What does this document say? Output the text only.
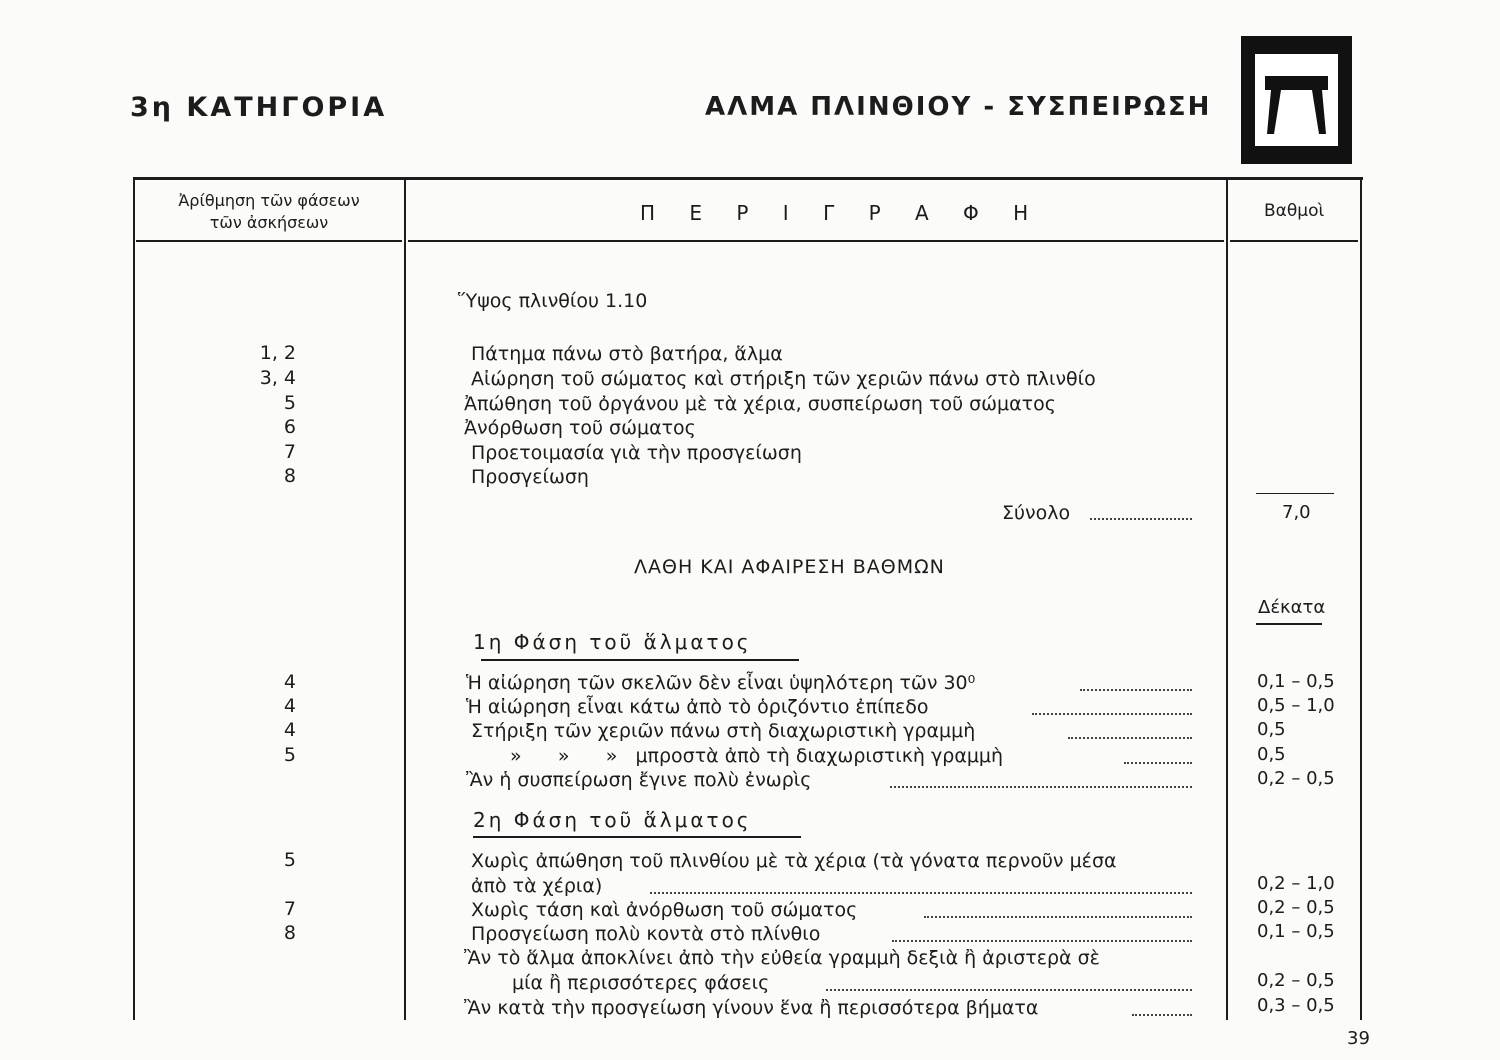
3η ΚΑΤΗΓΟΡΙΑ	ΑΛΜΑ ΠΛΙΝΘΙΟΥ - ΣΥΣΠΕΙΡΩΣΗ
Ἀρίθμηση τῶν φάσεων
τῶν ἀσκήσεων	Π Ε Ρ Ι Γ Ρ Α Φ Η	Βαθμοὶ
Ὕψος πλινθίου 1.10
1, 2	Πάτημα πάνω στὸ βατήρα, ἅλμα
3, 4	Αἰώρηση τοῦ σώματος καὶ στήριξη τῶν χεριῶν πάνω στὸ πλινθίο
5	Ἀπώθηση τοῦ ὀργάνου μὲ τὰ χέρια, συσπείρωση τοῦ σώματος
6	Ἀνόρθωση τοῦ σώματος
7	Προετοιμασία γιὰ τὴν προσγείωση
8	Προσγείωση
Σύνολο	7,0
ΛΑΘΗ ΚΑΙ ΑΦΑΙΡΕΣΗ ΒΑΘΜΩΝ
Δέκατα
1η Φάση τοῦ ἅλματος
4	Ἡ αἰώρηση τῶν σκελῶν δὲν εἶναι ὑψηλότερη τῶν 30⁰	0,1 – 0,5
4	Ἡ αἰώρηση εἶναι κάτω ἀπὸ τὸ ὁριζόντιο ἐπίπεδο	0,5 – 1,0
4	Στήριξη τῶν χεριῶν πάνω στὴ διαχωριστικὴ γραμμὴ	0,5
5	»      »      »   μπροστὰ ἀπὸ τὴ διαχωριστικὴ γραμμὴ	0,5
Ἂν ἡ συσπείρωση ἔγινε πολὺ ἐνωρὶς	0,2 – 0,5
2η Φάση τοῦ ἅλματος
5	Χωρὶς ἀπώθηση τοῦ πλινθίου μὲ τὰ χέρια (τὰ γόνατα περνοῦν μέσα
ἀπὸ τὰ χέρια)	0,2 – 1,0
7	Χωρὶς τάση καὶ ἀνόρθωση τοῦ σώματος	0,2 – 0,5
8	Προσγείωση πολὺ κοντὰ στὸ πλίνθιο	0,1 – 0,5
Ἂν τὸ ἅλμα ἀποκλίνει ἀπὸ τὴν εὐθεία γραμμὴ δεξιὰ ἢ ἀριστερὰ σὲ
μία ἢ περισσότερες φάσεις	0,2 – 0,5
Ἂν κατὰ τὴν προσγείωση γίνουν ἕνα ἢ περισσότερα βήματα	0,3 – 0,5
39
